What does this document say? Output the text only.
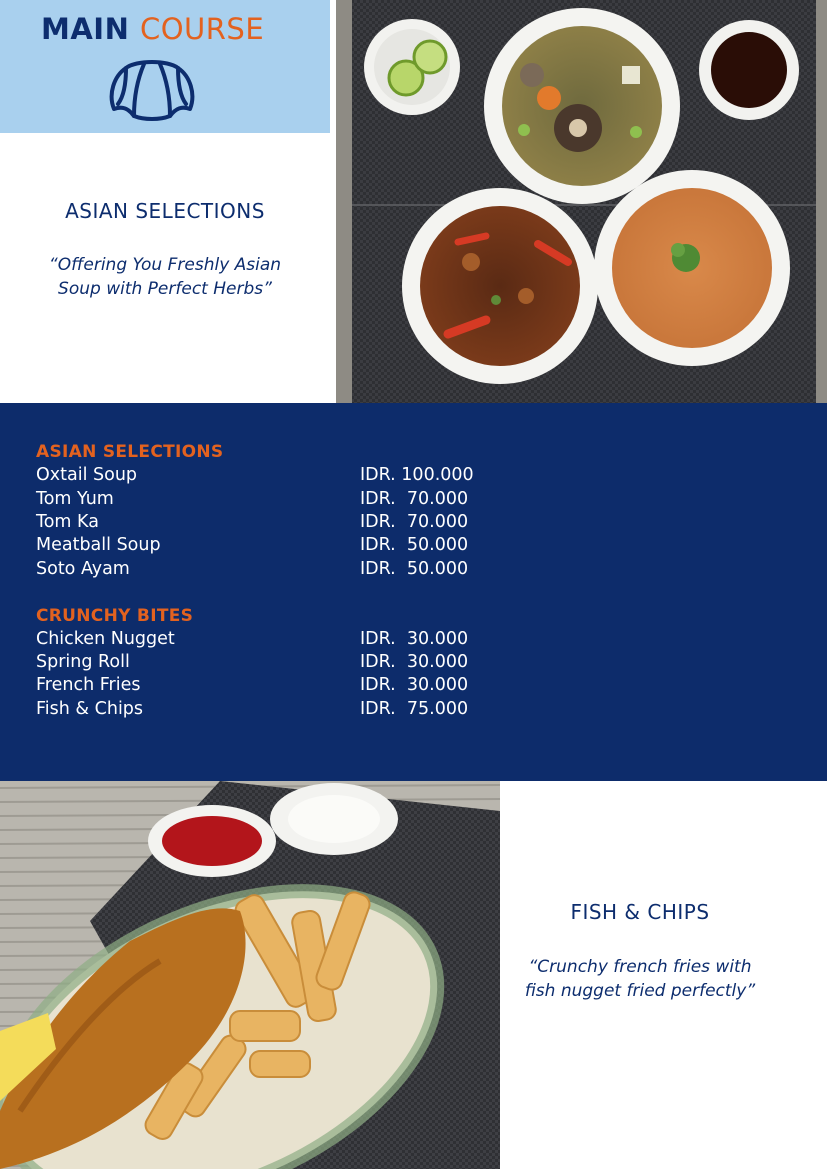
MAIN COURSE
ASIAN SELECTIONS
“Offering You Freshly Asian
Soup with Perfect Herbs”
ASIAN SELECTIONS
Oxtail Soup	IDR. 100.000
Tom Yum	IDR.  70.000
Tom Ka	IDR.  70.000
Meatball Soup	IDR.  50.000
Soto Ayam	IDR.  50.000
CRUNCHY BITES
Chicken Nugget	IDR.  30.000
Spring Roll	IDR.  30.000
French Fries	IDR.  30.000
Fish & Chips	IDR.  75.000
FISH & CHIPS
“Crunchy french fries with
fish nugget fried perfectly”
